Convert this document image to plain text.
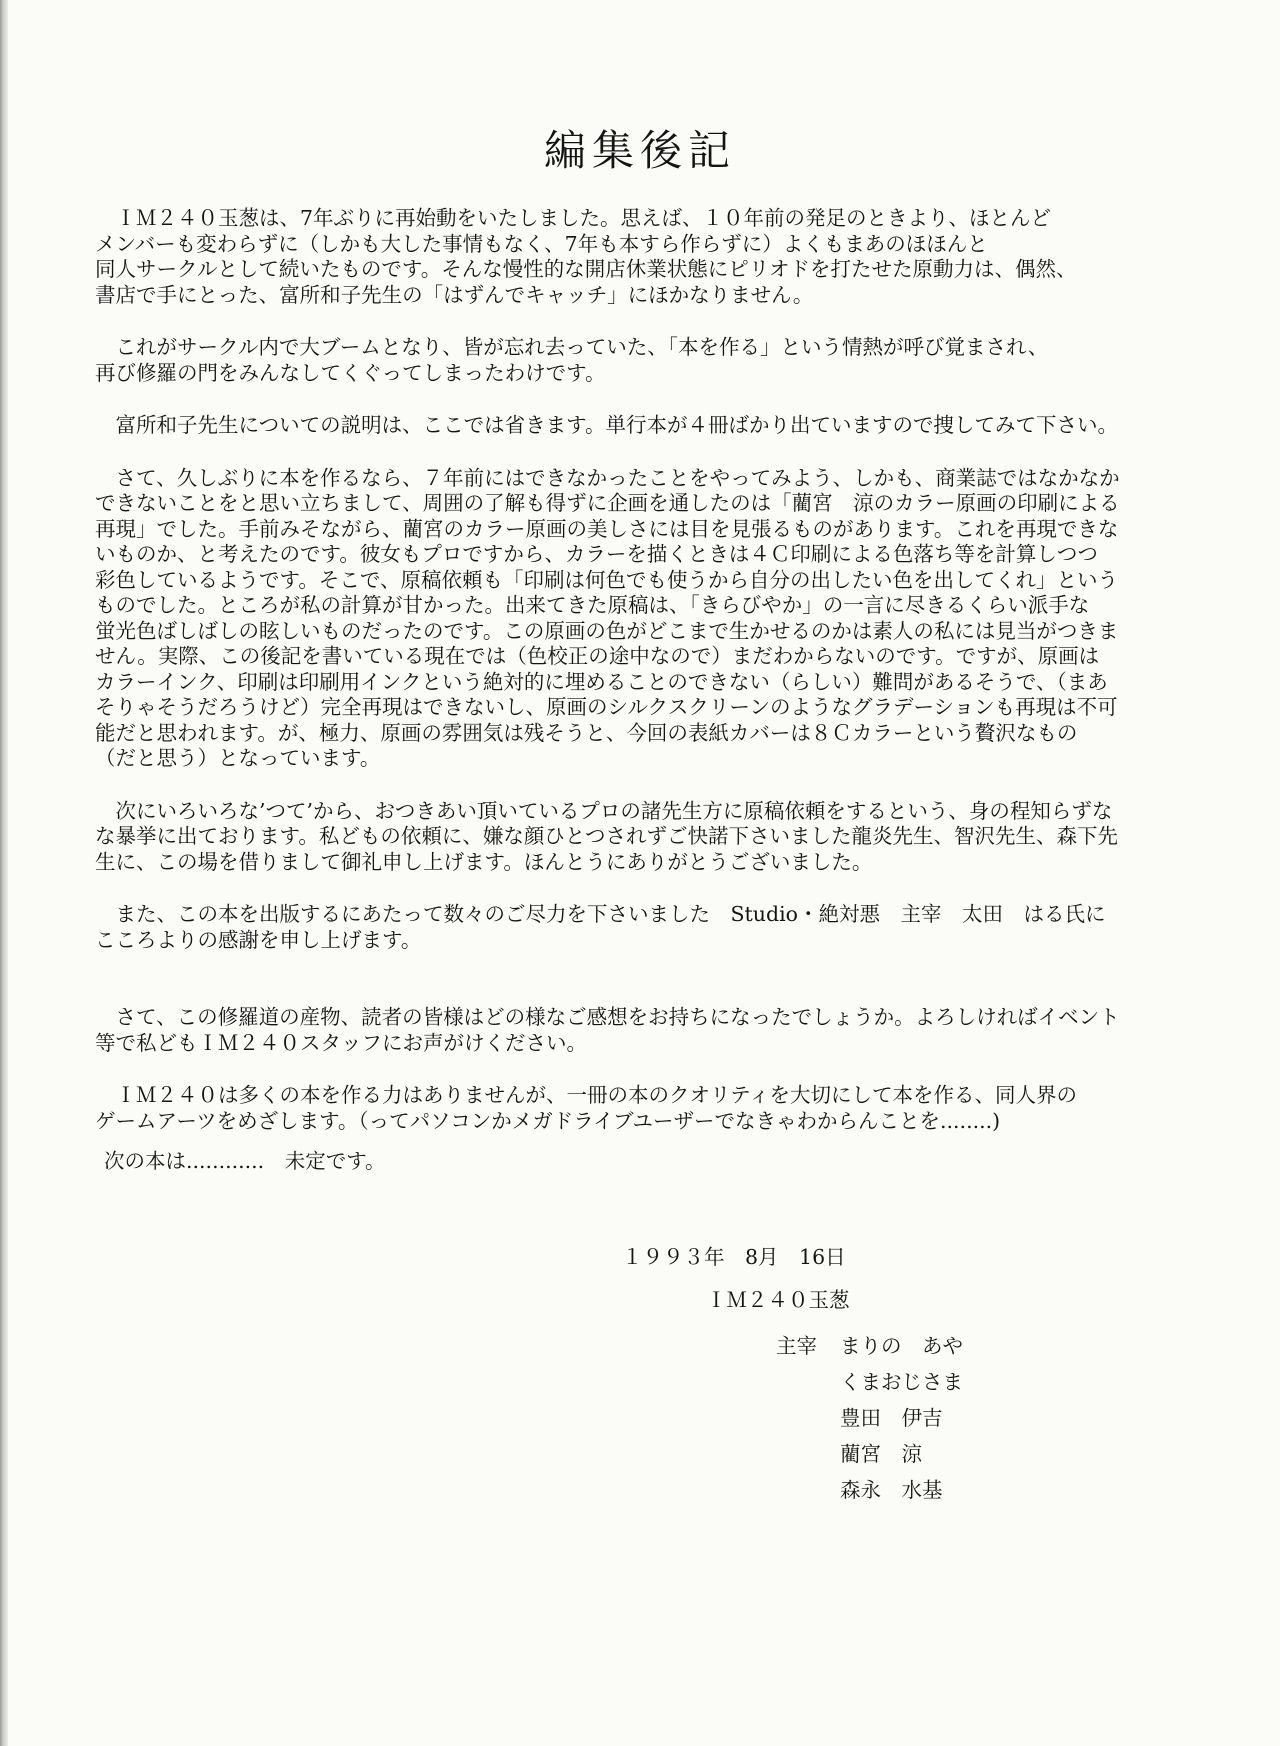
編集後記

　ＩＭ２４０玉葱は、7年ぶりに再始動をいたしました。思えば、１０年前の発足のときより、ほとんど
メンバーも変わらずに（しかも大した事情もなく、7年も本すら作らずに）よくもまあのほほんと
同人サークルとして続いたものです。そんな慢性的な開店休業状態にピリオドを打たせた原動力は、偶然、
書店で手にとった、富所和子先生の「はずんでキャッチ」にほかなりません。

　これがサークル内で大ブームとなり、皆が忘れ去っていた、「本を作る」という情熱が呼び覚まされ、
再び修羅の門をみんなしてくぐってしまったわけです。

　富所和子先生についての説明は、ここでは省きます。単行本が４冊ばかり出ていますので捜してみて下さい。

　さて、久しぶりに本を作るなら、７年前にはできなかったことをやってみよう、しかも、商業誌ではなかなか
できないことをと思い立ちまして、周囲の了解も得ずに企画を通したのは「藺宮　涼のカラー原画の印刷による
再現」でした。手前みそながら、藺宮のカラー原画の美しさには目を見張るものがあります。これを再現できな
いものか、と考えたのです。彼女もプロですから、カラーを描くときは４Ｃ印刷による色落ち等を計算しつつ
彩色しているようです。そこで、原稿依頼も「印刷は何色でも使うから自分の出したい色を出してくれ」という
ものでした。ところが私の計算が甘かった。出来てきた原稿は、「きらびやか」の一言に尽きるくらい派手な
蛍光色ばしばしの眩しいものだったのです。この原画の色がどこまで生かせるのかは素人の私には見当がつきま
せん。実際、この後記を書いている現在では（色校正の途中なので）まだわからないのです。ですが、原画は
カラーインク、印刷は印刷用インクという絶対的に埋めることのできない（らしい）難問があるそうで、（まあ
そりゃそうだろうけど）完全再現はできないし、原画のシルクスクリーンのようなグラデーションも再現は不可
能だと思われます。が、極力、原画の雰囲気は残そうと、今回の表紙カバーは８Ｃカラーという贅沢なもの
（だと思う）となっています。

　次にいろいろな’つて’から、おつきあい頂いているプロの諸先生方に原稿依頼をするという、身の程知らずな
な暴挙に出ております。私どもの依頼に、嫌な顔ひとつされずご快諾下さいました龍炎先生、智沢先生、森下先
生に、この場を借りまして御礼申し上げます。ほんとうにありがとうございました。

　また、この本を出版するにあたって数々のご尽力を下さいました　Studio・絶対悪　主宰　太田　はる氏に
こころよりの感謝を申し上げます。

　さて、この修羅道の産物、読者の皆様はどの様なご感想をお持ちになったでしょうか。よろしければイベント
等で私どもＩＭ２４０スタッフにお声がけください。

　ＩＭ２４０は多くの本を作る力はありませんが、一冊の本のクオリティを大切にして本を作る、同人界の
ゲームアーツをめざします。（ってパソコンかメガドライブユーザーでなきゃわからんことを........)

次の本は............　未定です。
１９９３年　8月　16日
ＩＭ２４０玉葱
主宰 まりの　あや
くまおじさま
豊田　伊吉
藺宮　涼
森永　水基
